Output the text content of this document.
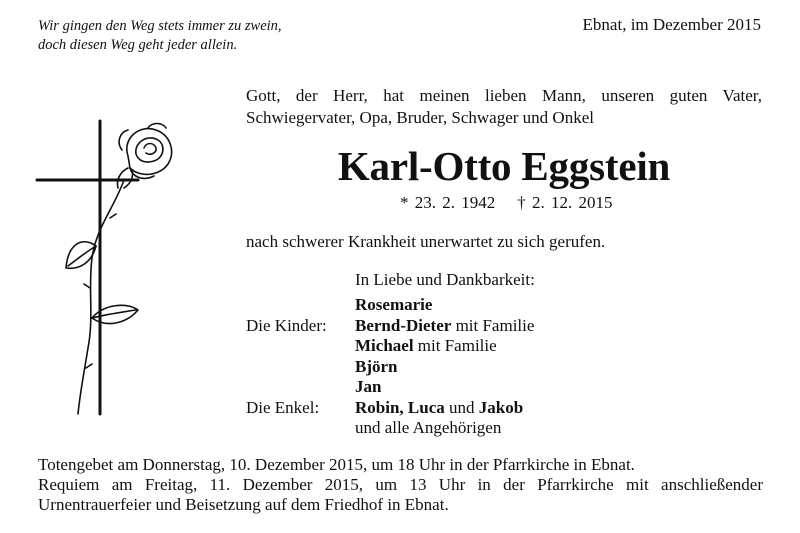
Wir gingen den Weg stets immer zu zwein,
doch diesen Weg geht jeder allein.
Ebnat, im Dezember 2015
Gott, der Herr, hat meinen lieben Mann, unseren guten Vater,
Schwiegervater, Opa, Bruder, Schwager und Onkel
Karl-Otto Eggstein
* 23. 2. 1942 † 2. 12. 2015
nach schwerer Krankheit unerwartet zu sich gerufen.
In Liebe und Dankbarkeit:
Rosemarie
Die Kinder: Bernd-Dieter mit Familie
Michael mit Familie
Björn
Jan
Die Enkel: Robin, Luca und Jakob
und alle Angehörigen
Totengebet am Donnerstag, 10. Dezember 2015, um 18 Uhr in der Pfarrkirche in Ebnat.
Requiem am Freitag, 11. Dezember 2015, um 13 Uhr in der Pfarrkirche mit anschließender
Urnentrauerfeier und Beisetzung auf dem Friedhof in Ebnat.
